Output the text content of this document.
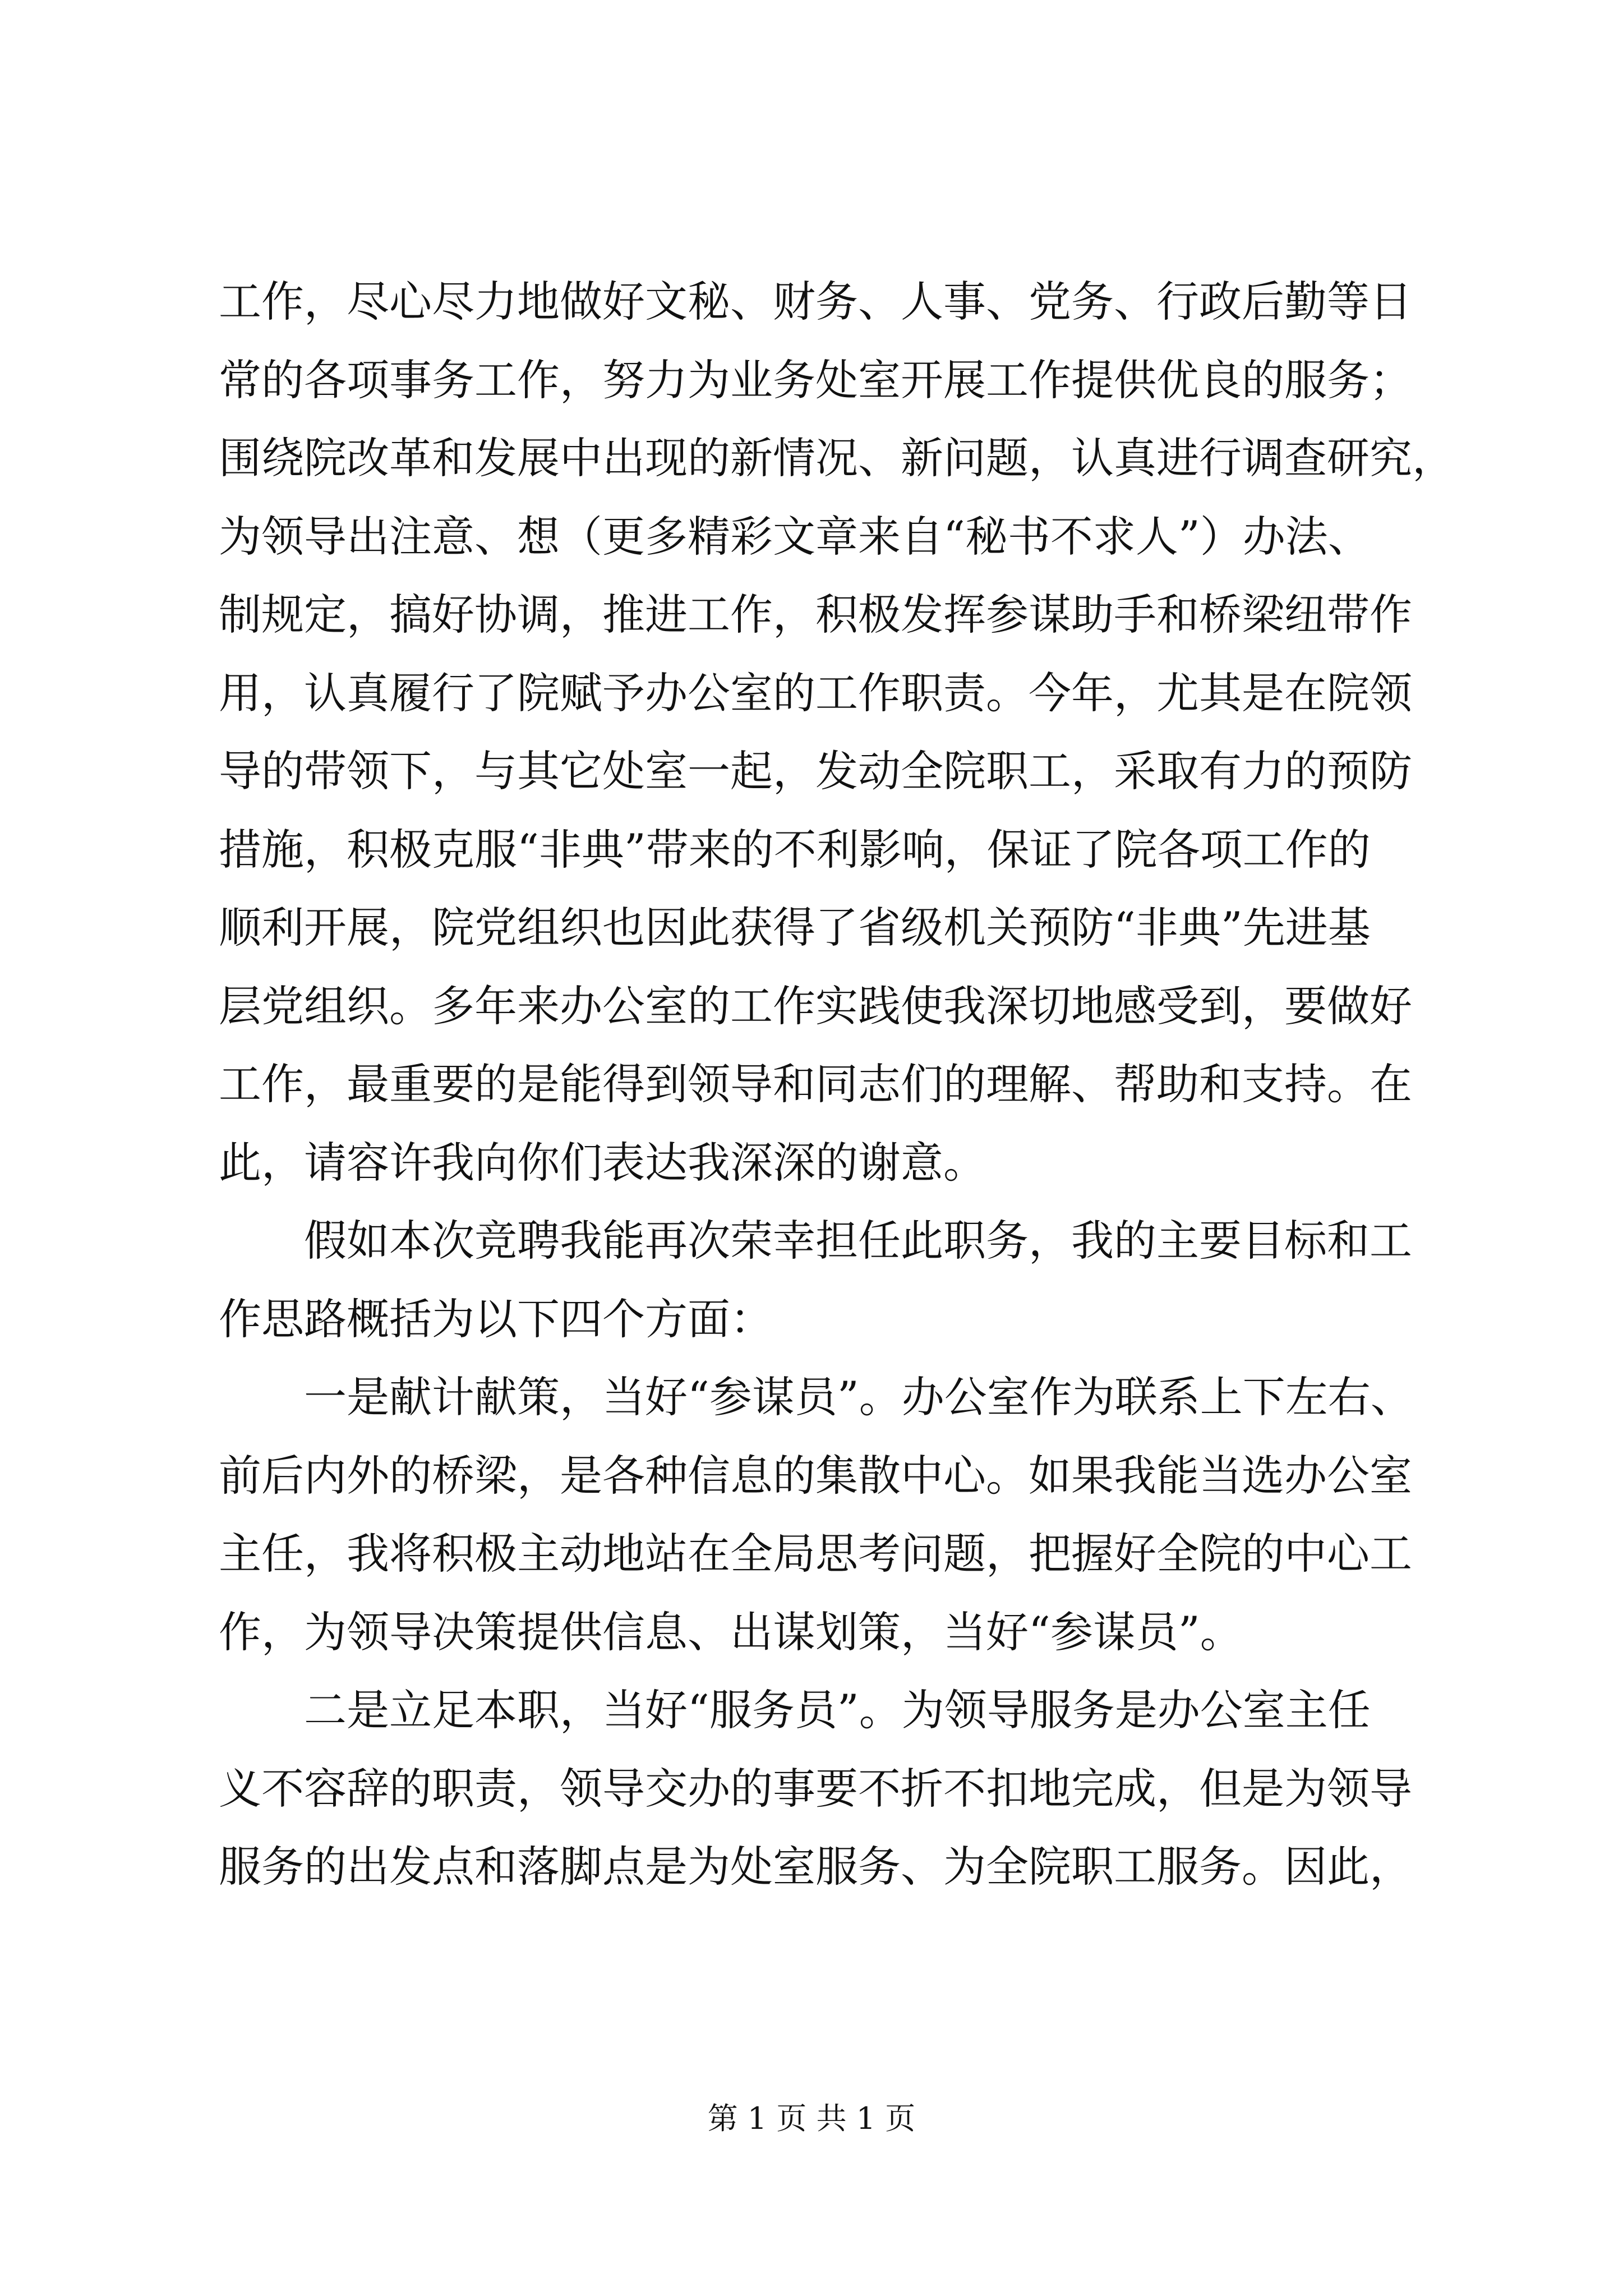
工作，尽心尽力地做好文秘、财务、人事、党务、行政后勤等日
常的各项事务工作，努力为业务处室开展工作提供优良的服务；
围绕院改革和发展中出现的新情况、新问题，认真进行调查研究，
为领导出注意、想（更多精彩文章来自“秘书不求人”）办法、
制规定，搞好协调，推进工作，积极发挥参谋助手和桥梁纽带作
用，认真履行了院赋予办公室的工作职责。今年，尤其是在院领
导的带领下，与其它处室一起，发动全院职工，采取有力的预防
措施，积极克服“非典”带来的不利影响，保证了院各项工作的
顺利开展，院党组织也因此获得了省级机关预防“非典”先进基
层党组织。多年来办公室的工作实践使我深切地感受到，要做好
工作，最重要的是能得到领导和同志们的理解、帮助和支持。在
此，请容许我向你们表达我深深的谢意。
假如本次竞聘我能再次荣幸担任此职务，我的主要目标和工
作思路概括为以下四个方面：
一是献计献策，当好“参谋员”。办公室作为联系上下左右、
前后内外的桥梁，是各种信息的集散中心。如果我能当选办公室
主任，我将积极主动地站在全局思考问题，把握好全院的中心工
作，为领导决策提供信息、出谋划策，当好“参谋员”。
二是立足本职，当好“服务员”。为领导服务是办公室主任
义不容辞的职责，领导交办的事要不折不扣地完成，但是为领导
服务的出发点和落脚点是为处室服务、为全院职工服务。因此，
第 1 页 共 1 页
